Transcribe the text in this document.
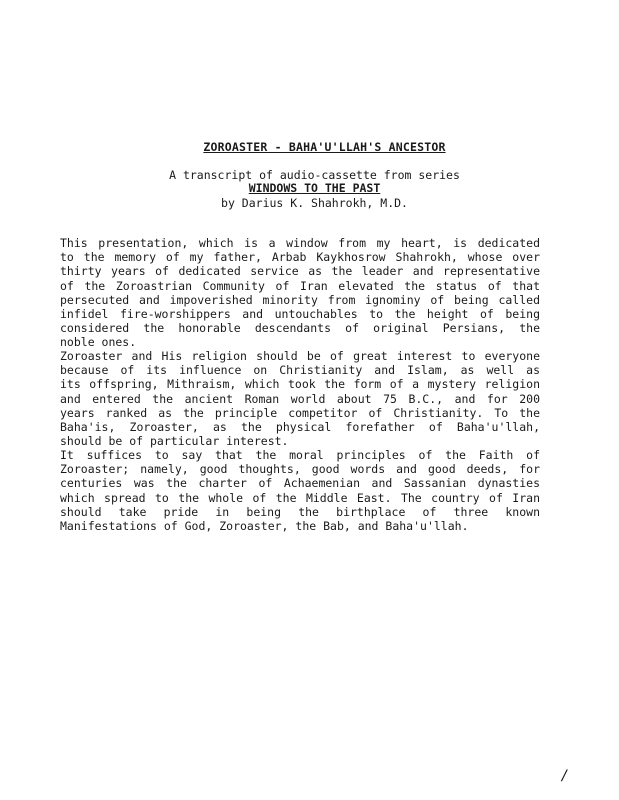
ZOROASTER - BAHA'U'LLAH'S ANCESTOR
A transcript of audio-cassette from series
WINDOWS TO THE PAST
by Darius K. Shahrokh, M.D.
This presentation, which is a window from my heart, is dedicated
to the memory of my father, Arbab Kaykhosrow Shahrokh, whose over
thirty years of dedicated service as the leader and representative
of the Zoroastrian Community of Iran elevated the status of that
persecuted and impoverished minority from ignominy of being called
infidel fire-worshippers and untouchables to the height of being
considered the honorable descendants of original Persians, the
noble ones.
Zoroaster and His religion should be of great interest to everyone
because of its influence on Christianity and Islam, as well as
its offspring, Mithraism, which took the form of a mystery religion
and entered the ancient Roman world about 75 B.C., and for 200
years ranked as the principle competitor of Christianity. To the
Baha'is, Zoroaster, as the physical forefather of Baha'u'llah,
should be of particular interest.
It suffices to say that the moral principles of the Faith of
Zoroaster; namely, good thoughts, good words and good deeds, for
centuries was the charter of Achaemenian and Sassanian dynasties
which spread to the whole of the Middle East. The country of Iran
should take pride in being the birthplace of three known
Manifestations of God, Zoroaster, the Bab, and Baha'u'llah.
/
